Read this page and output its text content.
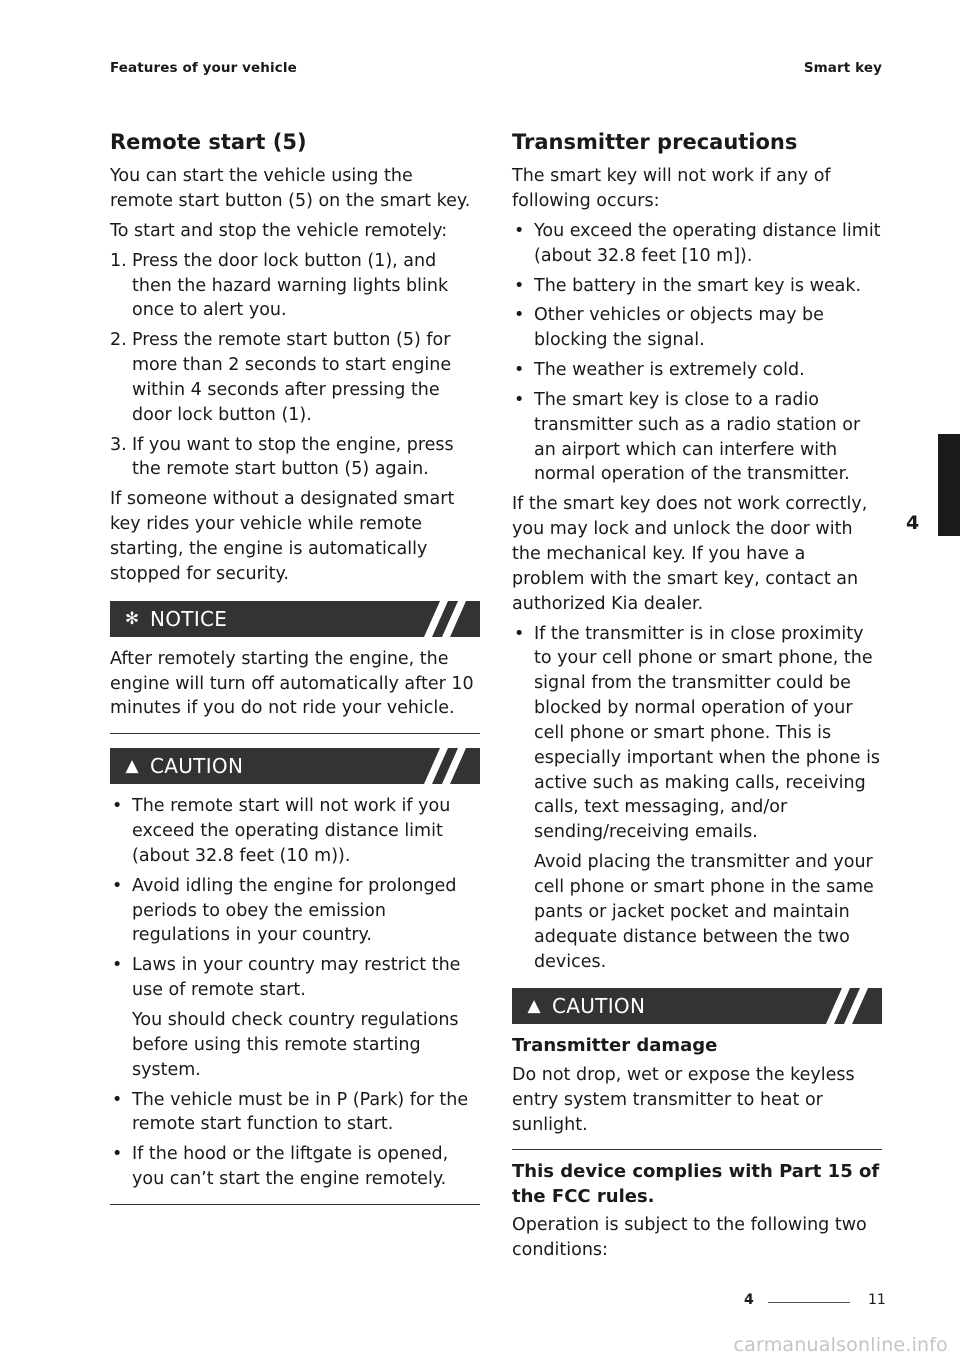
Features of your vehicle	Smart key
Remote start (5)

You can start the vehicle using the remote start button (5) on the smart key.

To start and stop the vehicle remotely:

1. Press the door lock button (1), and then the hazard warning lights blink once to alert you.
2. Press the remote start button (5) for more than 2 seconds to start engine within 4 seconds after pressing the door lock button (1).
3. If you want to stop the engine, press the remote start button (5) again.

If someone without a designated smart key rides your vehicle while remote starting, the engine is automatically stopped for security.

✻ NOTICE

After remotely starting the engine, the engine will turn off automatically after 10 minutes if you do not ride your vehicle.

▲ CAUTION
• The remote start will not work if you exceed the operating distance limit (about 32.8 feet (10 m)).
• Avoid idling the engine for prolonged periods to obey the emission regulations in your country.
• Laws in your country may restrict the use of remote start.
You should check country regulations before using this remote starting system.
• The vehicle must be in P (Park) for the remote start function to start.
• If the hood or the liftgate is opened, you can’t start the engine remotely.
Transmitter precautions

The smart key will not work if any of following occurs:

• You exceed the operating distance limit (about 32.8 feet [10 m]).
• The battery in the smart key is weak.
• Other vehicles or objects may be blocking the signal.
• The weather is extremely cold.
• The smart key is close to a radio transmitter such as a radio station or an airport which can interfere with normal operation of the transmitter.

If the smart key does not work correctly, you may lock and unlock the door with the mechanical key. If you have a problem with the smart key, contact an authorized Kia dealer.

• If the transmitter is in close proximity to your cell phone or smart phone, the signal from the transmitter could be blocked by normal operation of your cell phone or smart phone. This is especially important when the phone is active such as making calls, receiving calls, text messaging, and/or sending/receiving emails.
Avoid placing the transmitter and your cell phone or smart phone in the same pants or jacket pocket and maintain adequate distance between the two devices.
▲ CAUTION
Transmitter damage

Do not drop, wet or expose the keyless entry system transmitter to heat or sunlight.

This device complies with Part 15 of the FCC rules.

Operation is subject to the following two conditions:

4
4	11
carmanualsonline.info
